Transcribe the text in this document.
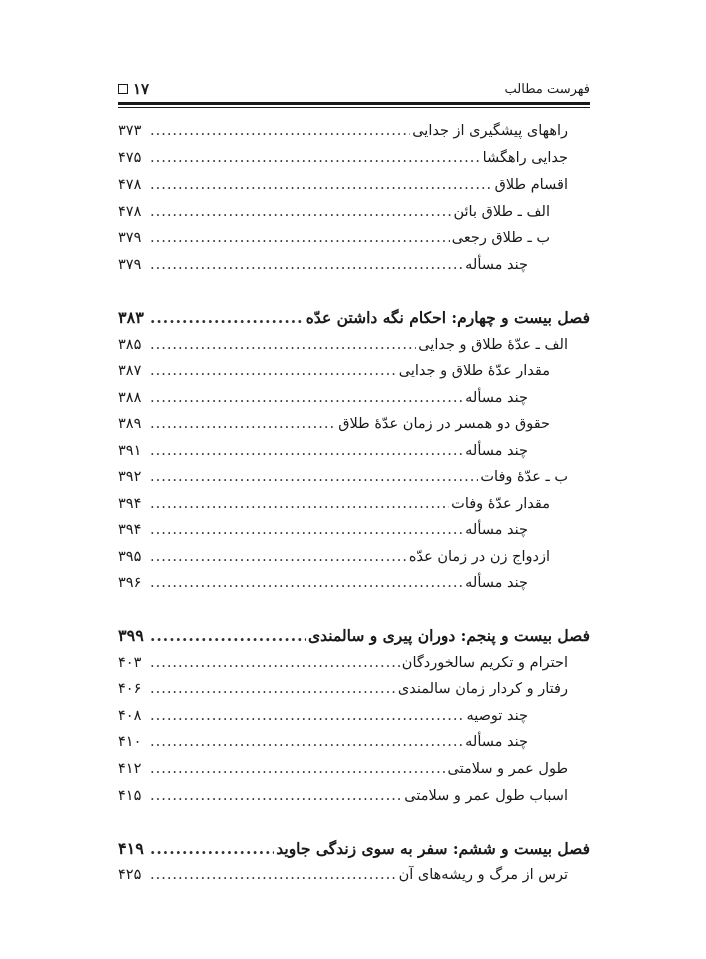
فهرست مطالب
۱۷
راههای پیشگیری از جدایی
.....
۳۷۳
جدایی راهگشا
.....
۴۷۵
اقسام طلاق
.....
۴۷۸
الف ـ طلاق بائن
.....
۴۷۸
ب ـ طلاق رجعی
.....
۳۷۹
چند مسأله
.....
۳۷۹
فصل بیست و چهارم: احکام نگه داشتن عدّه
.....
۳۸۳
الف ـ عدّهٔ طلاق و جدایی
.....
۳۸۵
مقدار عدّهٔ طلاق و جدایی
.....
۳۸۷
چند مسأله
.....
۳۸۸
حقوق دو همسر در زمان عدّهٔ طلاق
.....
۳۸۹
چند مسأله
.....
۳۹۱
ب ـ عدّهٔ وفات
.....
۳۹۲
مقدار عدّهٔ وفات
.....
۳۹۴
چند مسأله
.....
۳۹۴
ازدواج زن در زمان عدّه
.....
۳۹۵
چند مسأله
.....
۳۹۶
فصل بیست و پنجم: دوران پیری و سالمندی
.....
۳۹۹
احترام و تکریم سالخوردگان
.....
۴۰۳
رفتار و کردار زمان سالمندی
.....
۴۰۶
چند توصیه
.....
۴۰۸
چند مسأله
.....
۴۱۰
طول عمر و سلامتی
.....
۴۱۲
اسباب طول عمر و سلامتی
.....
۴۱۵
فصل بیست و ششم: سفر به سوی زندگی جاوید
.....
۴۱۹
ترس از مرگ و ریشه‌های آن
.....
۴۲۵
